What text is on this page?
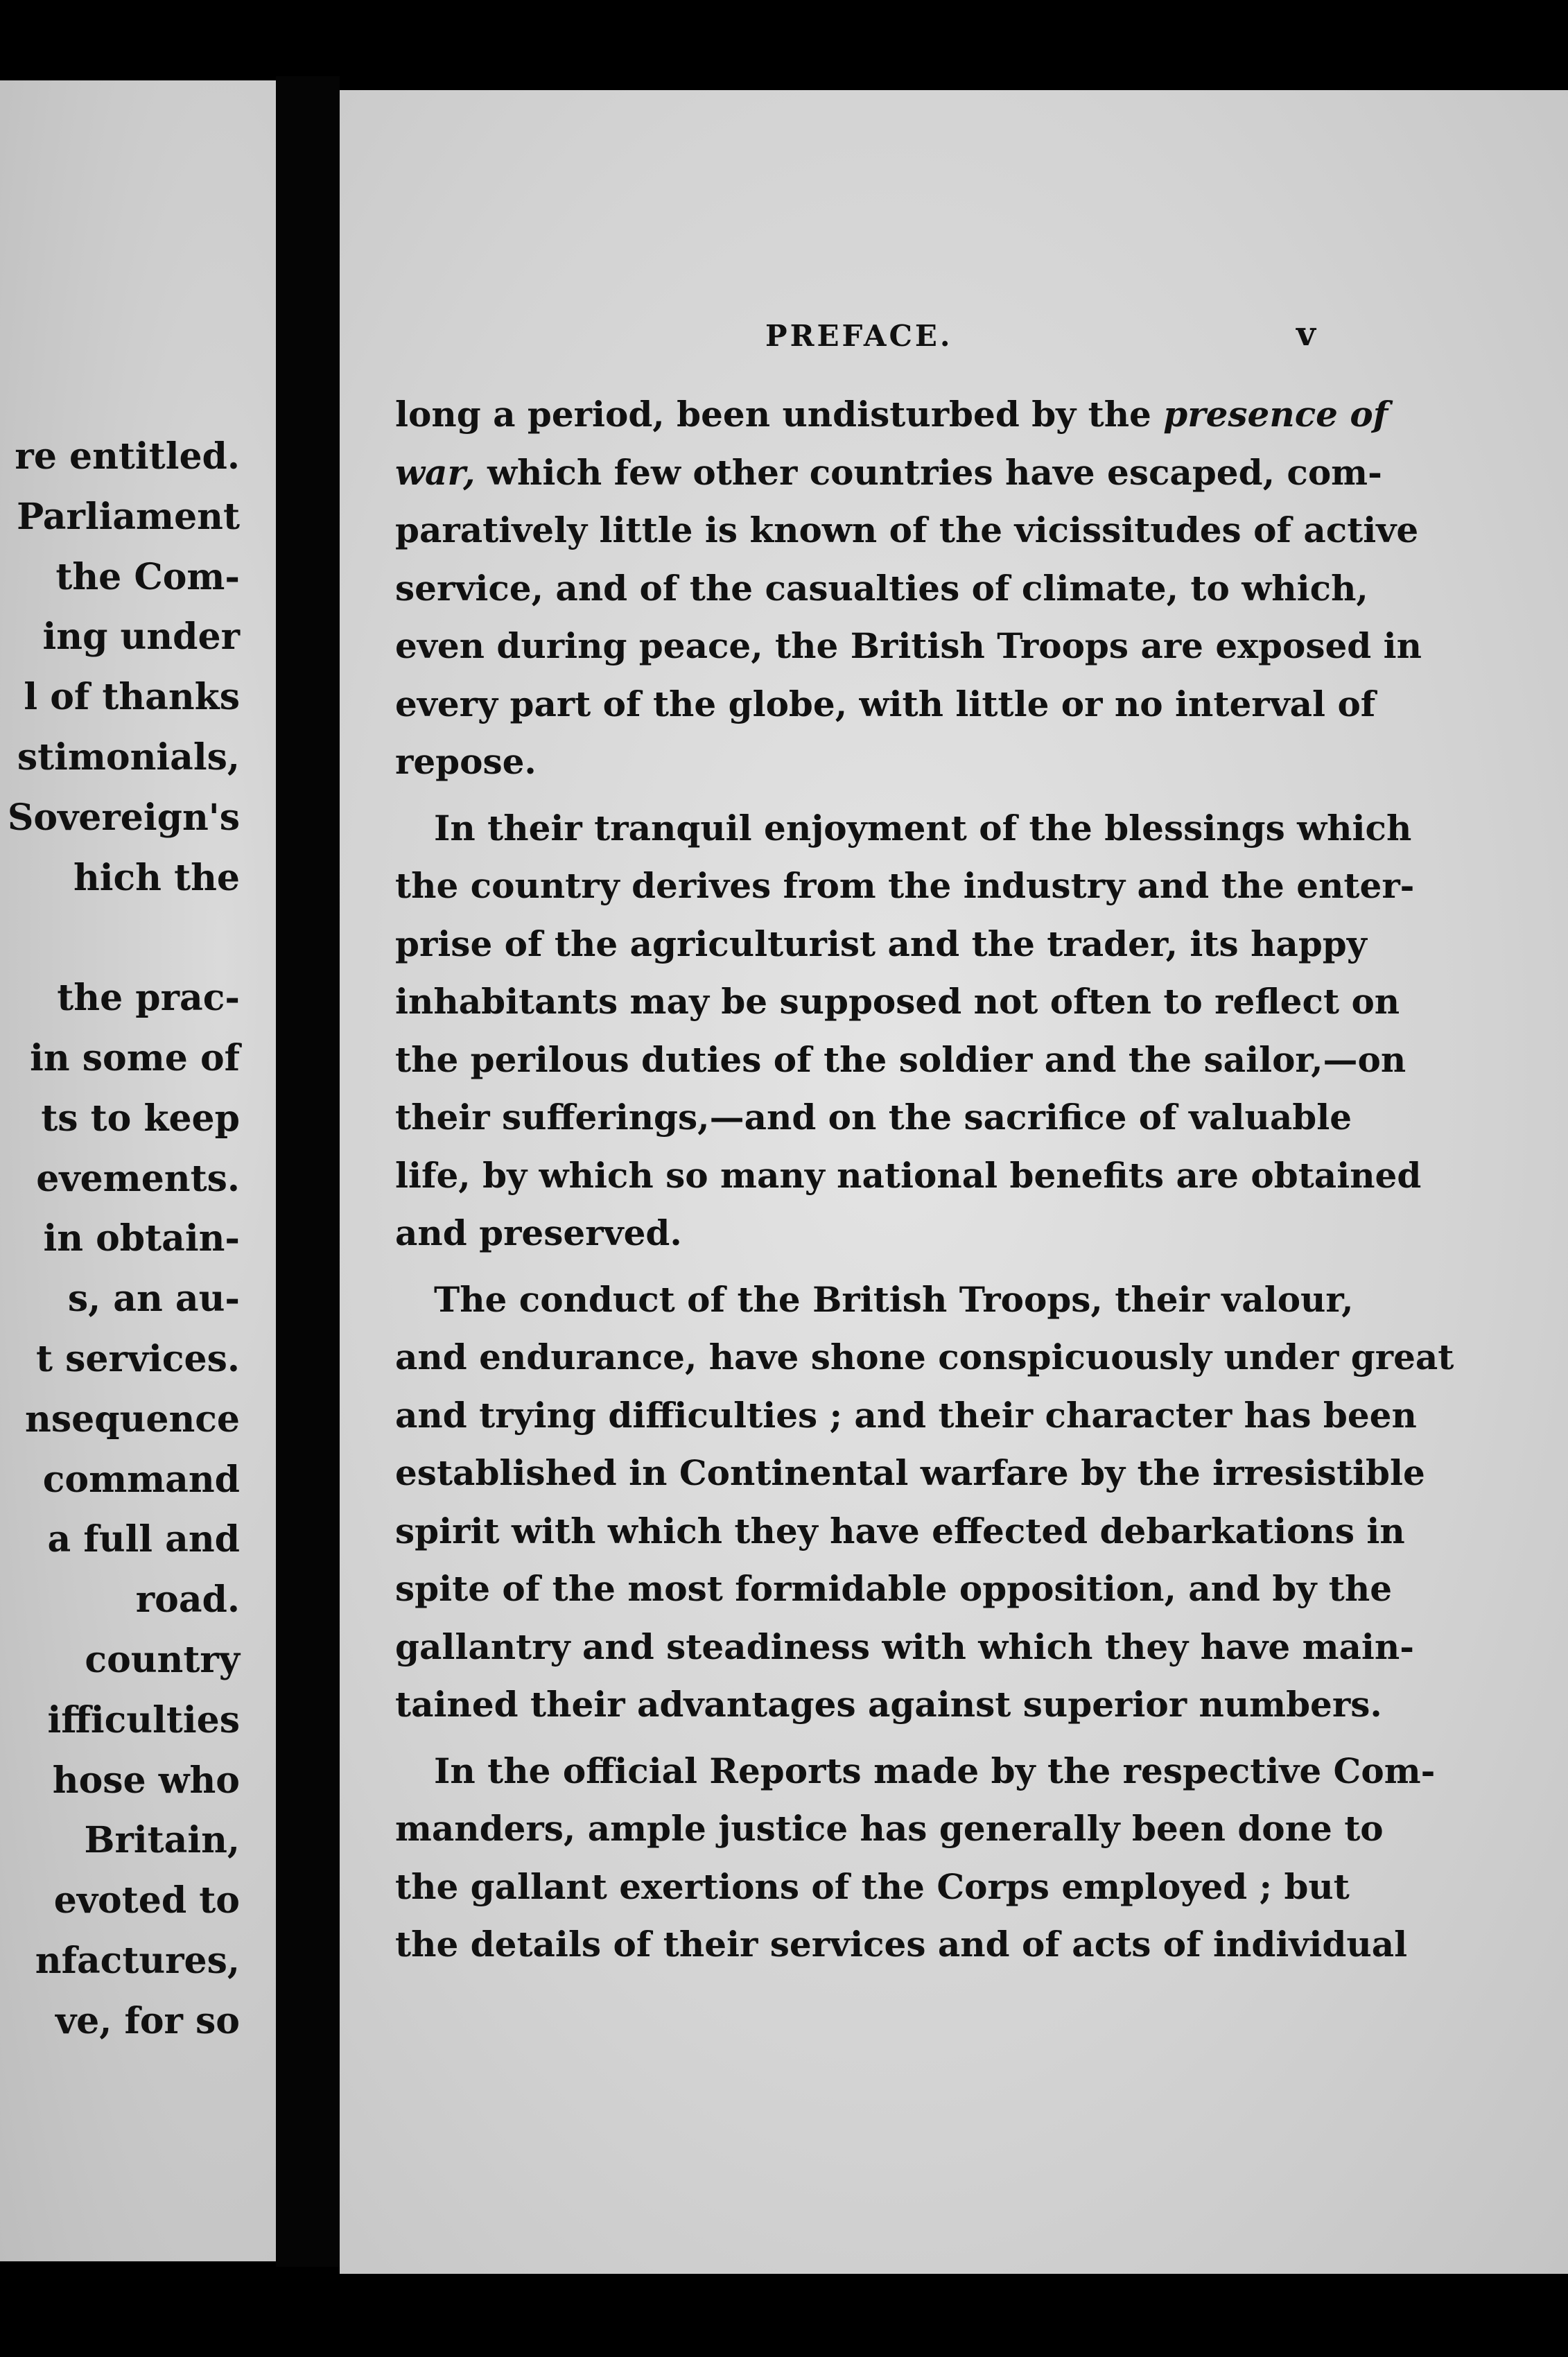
re entitled.
Parliament
the Com-
ing under
l of thanks
stimonials,
Sovereign's
hich the
the prac-
in some of
ts to keep
evements.
in obtain-
s, an au-
t services.
nsequence
command
a full and
road.
country
ifficulties
hose who
Britain,
evoted to
nfactures,
ve, for so
PREFACE.	v

long a period, been undisturbed by the presence of
war, which few other countries have escaped, com-
paratively little is known of the vicissitudes of active
service, and of the casualties of climate, to which,
even during peace, the British Troops are exposed in
every part of the globe, with little or no interval of
repose.

In their tranquil enjoyment of the blessings which
the country derives from the industry and the enter-
prise of the agriculturist and the trader, its happy
inhabitants may be supposed not often to reflect on
the perilous duties of the soldier and the sailor,—on
their sufferings,—and on the sacrifice of valuable
life, by which so many national benefits are obtained
and preserved.

The conduct of the British Troops, their valour,
and endurance, have shone conspicuously under great
and trying difficulties ; and their character has been
established in Continental warfare by the irresistible
spirit with which they have effected debarkations in
spite of the most formidable opposition, and by the
gallantry and steadiness with which they have main-
tained their advantages against superior numbers.

In the official Reports made by the respective Com-
manders, ample justice has generally been done to
the gallant exertions of the Corps employed ; but
the details of their services and of acts of individual
